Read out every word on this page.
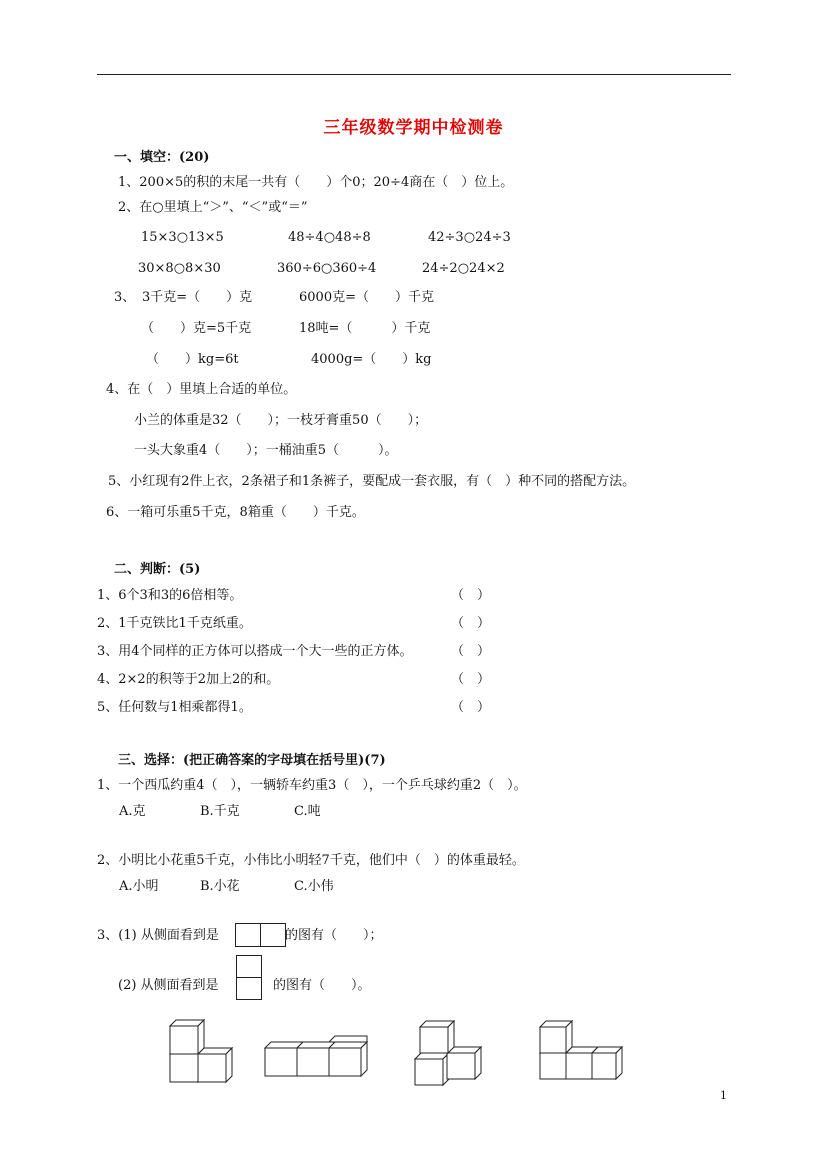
三年级数学期中检测卷
一、填空：(20)
1、200×5的积的末尾一共有（　　）个0；20÷4商在（　）位上。
2、在○里填上“＞”、“＜”或“＝”
15×3○13×5	48÷4○48÷8	42÷3○24÷3
30×8○8×30	360÷6○360÷4	24÷2○24×2
3、 3千克=（　　）克	6000克=（　　）千克
（　　）克=5千克	18吨=（　　　）千克
（　　）kg=6t	4000g=（　　）kg
4、在（　）里填上合适的单位。
小兰的体重是32（　　）；一枝牙膏重50（　　）；
一头大象重4（　　）；一桶油重5（　　　）。
5、小红现有2件上衣，2条裙子和1条裤子，要配成一套衣服，有（　）种不同的搭配方法。
6、一箱可乐重5千克，8箱重（　　）千克。
二、判断：(5)
1、6个3和3的6倍相等。	（　）
2、1千克铁比1千克纸重。	（　）
3、用4个同样的正方体可以搭成一个大一些的正方体。	（　）
4、2×2的积等于2加上2的和。	（　）
5、任何数与1相乘都得1。	（　）
三、选择：(把正确答案的字母填在括号里)(7)
1、一个西瓜约重4（　），一辆轿车约重3（　），一个乒乓球约重2（　）。
A.克	B.千克	C.吨
2、小明比小花重5千克，小伟比小明轻7千克，他们中（　）的体重最轻。
A.小明	B.小花	C.小伟
3、(1) 从侧面看到是	的图有（　　）；
(2) 从侧面看到是	的图有（　　）。
1
